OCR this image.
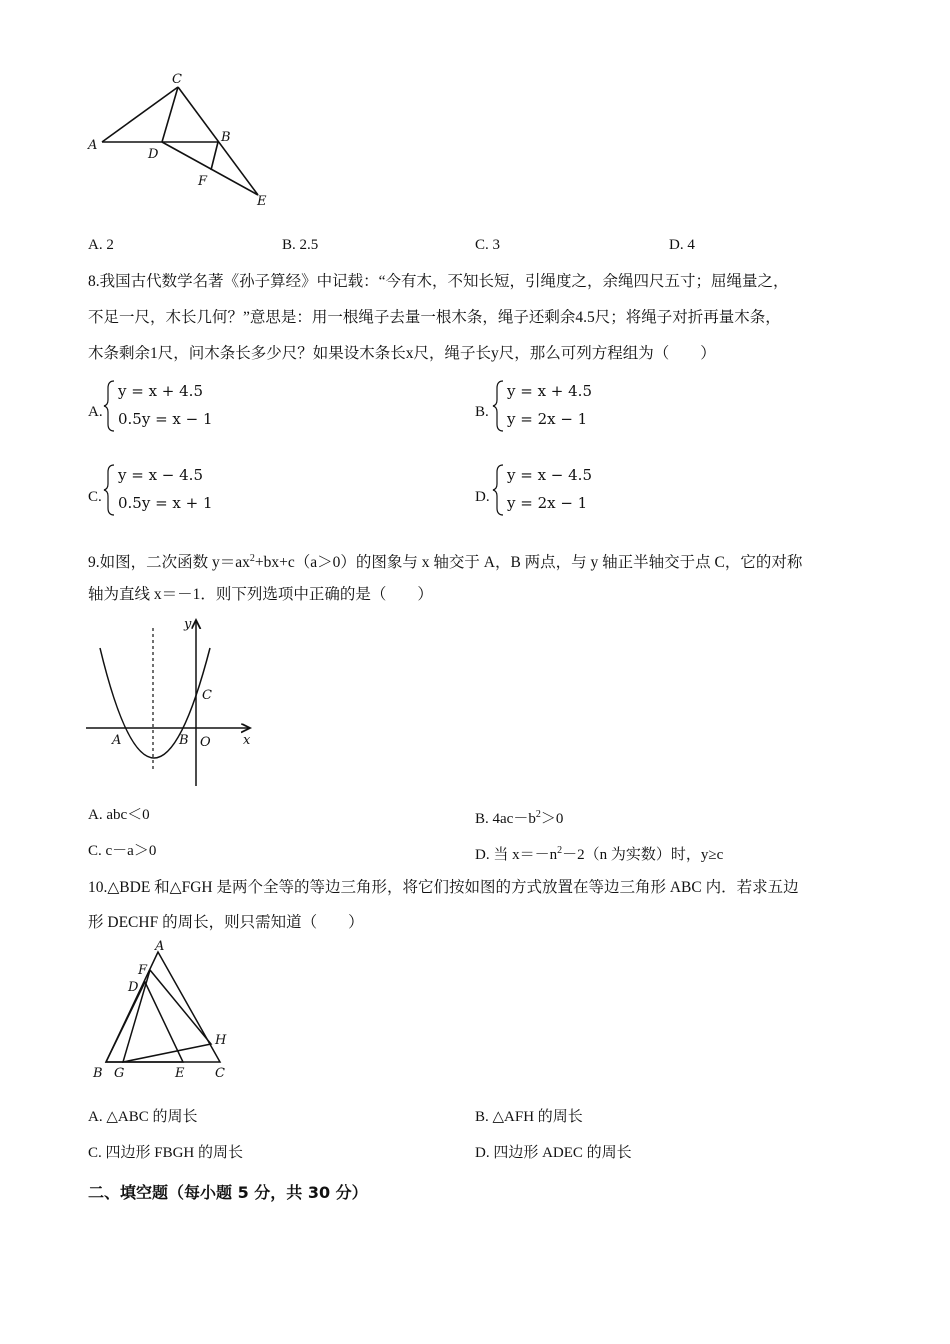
C
A
D
B
F
E
A. 2	B. 2.5	C. 3	D. 4
8.我国古代数学名著《孙子算经》中记载：“今有木，不知长短，引绳度之，余绳四尺五寸；屈绳量之，
不足一尺，木长几何？”意思是：用一根绳子去量一根木条，绳子还剩余4.5尺；将绳子对折再量木条，
木条剩余1尺，问木条长多少尺？如果设木条长x尺，绳子长y尺，那么可列方程组为（　　）
A.
y = x + 4.5
0.5y = x − 1	B.
y = x + 4.5
y = 2x − 1
C.
y = x − 4.5
0.5y = x + 1	D.
y = x − 4.5
y = 2x − 1
9.如图，二次函数 $y=ax^2+bx+c(a>0)$的图象与 x 轴交于 A，B 两点，与 y 轴正半轴交于点 C，它的对称
轴为直线 x＝－1．则下列选项中正确的是（　　）
y
x
A	B O
C
A. abc＜0	B. $4ac-b^2>0$
C. c－a＞0	D. 当 $x=-n^2-2(n$ 为实数）时，y≥c
10.△BDE 和△FGH 是两个全等的等边三角形，将它们按如图的方式放置在等边三角形 ABC 内．若求五边
形 DECHF 的周长，则只需知道（　　）
A
F
D
H
B G	E C
A. △ABC 的周长	B. △AFH 的周长
C. 四边形 FBGH 的周长	D. 四边形 ADEC 的周长
二、填空题（每小题 5 分，共 30 分）
